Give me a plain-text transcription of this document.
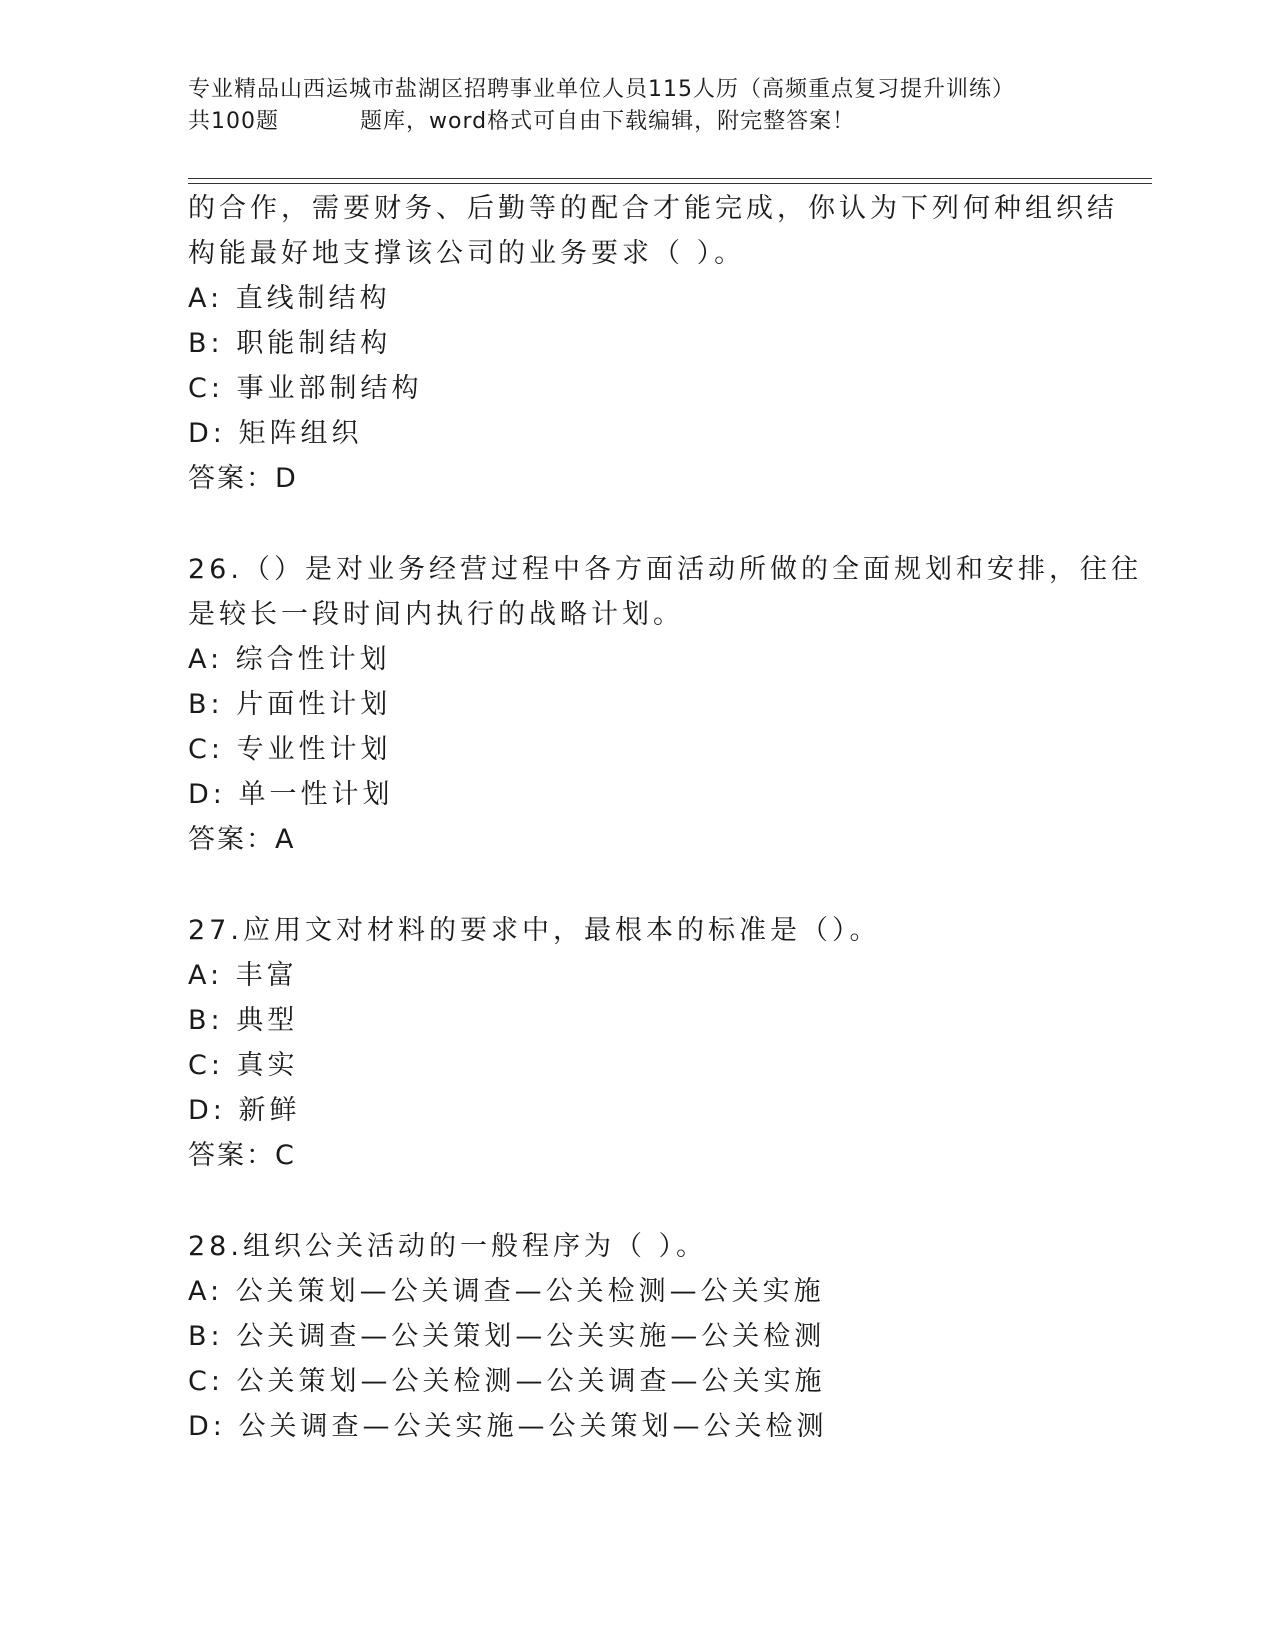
专业精品山西运城市盐湖区招聘事业单位人员115人历（高频重点复习提升训练）
共100题	题库，word格式可自由下载编辑，附完整答案！
的合作，需要财务、后勤等的配合才能完成，你认为下列何种组织结
构能最好地支撑该公司的业务要求（ ）。
A: 直线制结构
B: 职能制结构
C: 事业部制结构
D: 矩阵组织
答案：D
26.（）是对业务经营过程中各方面活动所做的全面规划和安排，往往
是较长一段时间内执行的战略计划。
A: 综合性计划
B: 片面性计划
C: 专业性计划
D: 单一性计划
答案：A
27.应用文对材料的要求中，最根本的标准是（）。
A: 丰富
B: 典型
C: 真实
D: 新鲜
答案：C
28.组织公关活动的一般程序为（ ）。
A: 公关策划—公关调查—公关检测—公关实施
B: 公关调查—公关策划—公关实施—公关检测
C: 公关策划—公关检测—公关调查—公关实施
D: 公关调查—公关实施—公关策划—公关检测
